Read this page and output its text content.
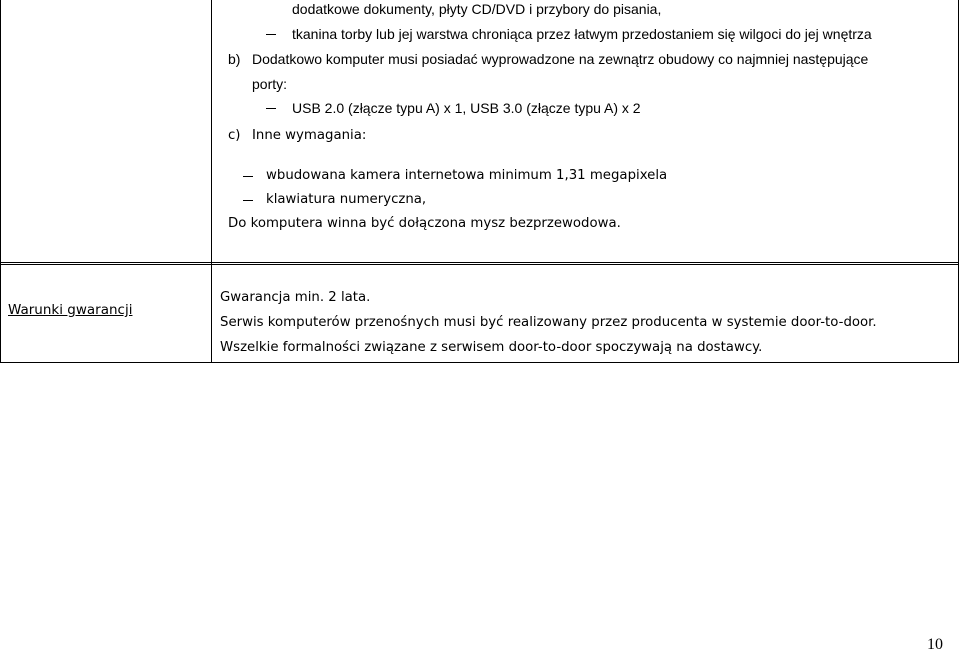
dodatkowe dokumenty, płyty CD/DVD i przybory do pisania,
tkanina torby lub jej warstwa chroniąca przez łatwym przedostaniem się wilgoci do jej wnętrza
b) Dodatkowo komputer musi posiadać wyprowadzone na zewnątrz obudowy co najmniej następujące
porty:
USB 2.0 (złącze typu A) x 1, USB 3.0 (złącze typu A) x 2
c) Inne wymagania:
wbudowana kamera internetowa minimum 1,31 megapixela
klawiatura numeryczna,
Do komputera winna być dołączona mysz bezprzewodowa.
Warunki gwarancji
Gwarancja min. 2 lata.
Serwis komputerów przenośnych musi być realizowany przez producenta w systemie door-to-door.
Wszelkie formalności związane z serwisem door-to-door spoczywają na dostawcy.
10
